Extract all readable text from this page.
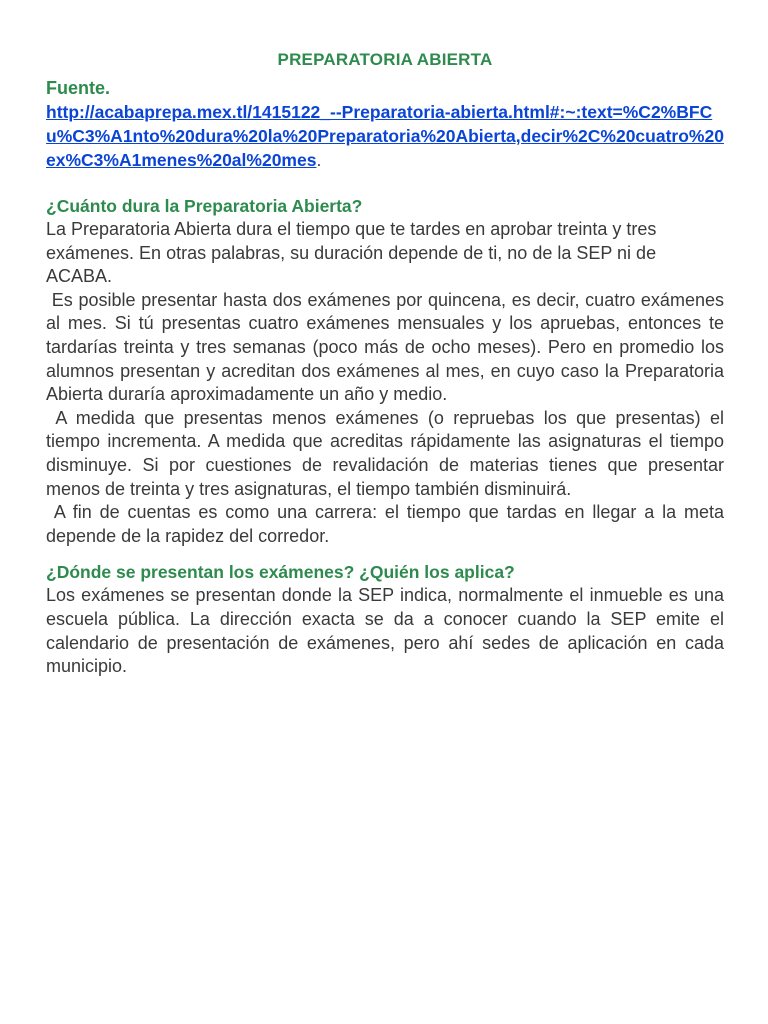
PREPARATORIA ABIERTA

Fuente.

http://acabaprepa.mex.tl/1415122_--Preparatoria-abierta.html#:~:text=%C2%BFCu%C3%A1nto%20dura%20la%20Preparatoria%20Abierta,decir%2C%20cuatro%20ex%C3%A1menes%20al%20mes.

¿Cuánto dura la Preparatoria Abierta?

La Preparatoria Abierta dura el tiempo que te tardes en aprobar treinta y tres exámenes. En otras palabras, su duración depende de ti, no de la SEP ni de ACABA.

Es posible presentar hasta dos exámenes por quincena, es decir, cuatro exámenes al mes. Si tú presentas cuatro exámenes mensuales y los apruebas, entonces te tardarías treinta y tres semanas (poco más de ocho meses). Pero en promedio los alumnos presentan y acreditan dos exámenes al mes, en cuyo caso la Preparatoria Abierta duraría aproximadamente un año y medio.

A medida que presentas menos exámenes (o repruebas los que presentas) el tiempo incrementa. A medida que acreditas rápidamente las asignaturas el tiempo disminuye. Si por cuestiones de revalidación de materias tienes que presentar menos de treinta y tres asignaturas, el tiempo también disminuirá.

A fin de cuentas es como una carrera: el tiempo que tardas en llegar a la meta depende de la rapidez del corredor.

¿Dónde se presentan los exámenes? ¿Quién los aplica?

Los exámenes se presentan donde la SEP indica, normalmente el inmueble es una escuela pública. La dirección exacta se da a conocer cuando la SEP emite el calendario de presentación de exámenes, pero ahí sedes de aplicación en cada municipio.
